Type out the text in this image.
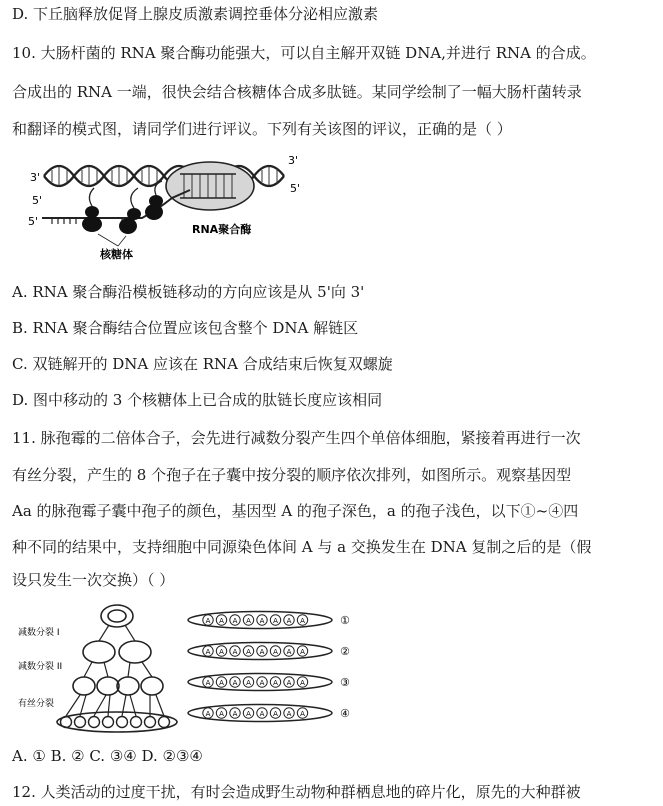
D. 下丘脑释放促肾上腺皮质激素调控垂体分泌相应激素
10. 大肠杆菌的 RNA 聚合酶功能强大，可以自主解开双链 DNA,并进行 RNA 的合成。
合成出的 RNA 一端，很快会结合核糖体合成多肽链。某同学绘制了一幅大肠杆菌转录
和翻译的模式图，请同学们进行评议。下列有关该图的评议，正确的是（ ）
3'
5'
3'
5'
5'
RNA聚合酶
核糖体
A. RNA 聚合酶沿模板链移动的方向应该是从 5'向 3'
B. RNA 聚合酶结合位置应该包含整个 DNA 解链区
C. 双链解开的 DNA 应该在 RNA 合成结束后恢复双螺旋
D. 图中移动的 3 个核糖体上已合成的肽链长度应该相同
11. 脉孢霉的二倍体合子，会先进行减数分裂产生四个单倍体细胞，紧接着再进行一次
有丝分裂，产生的 8 个孢子在子囊中按分裂的顺序依次排列，如图所示。观察基因型
Aa 的脉孢霉子囊中孢子的颜色，基因型 A 的孢子深色，a 的孢子浅色，以下①~④四
种不同的结果中，支持细胞中同源染色体间 A 与 a 交换发生在 DNA 复制之后的是（假
设只发生一次交换）（ ）
减数分裂 I
减数分裂 II
有丝分裂
A A A A A A A A	①
A A A A A A A A	②
A A A A A A A A	③
A A A A A A A A	④
A. ① B. ② C. ③④ D. ②③④
12. 人类活动的过度干扰，有时会造成野生动物种群栖息地的碎片化，原先的大种群被
